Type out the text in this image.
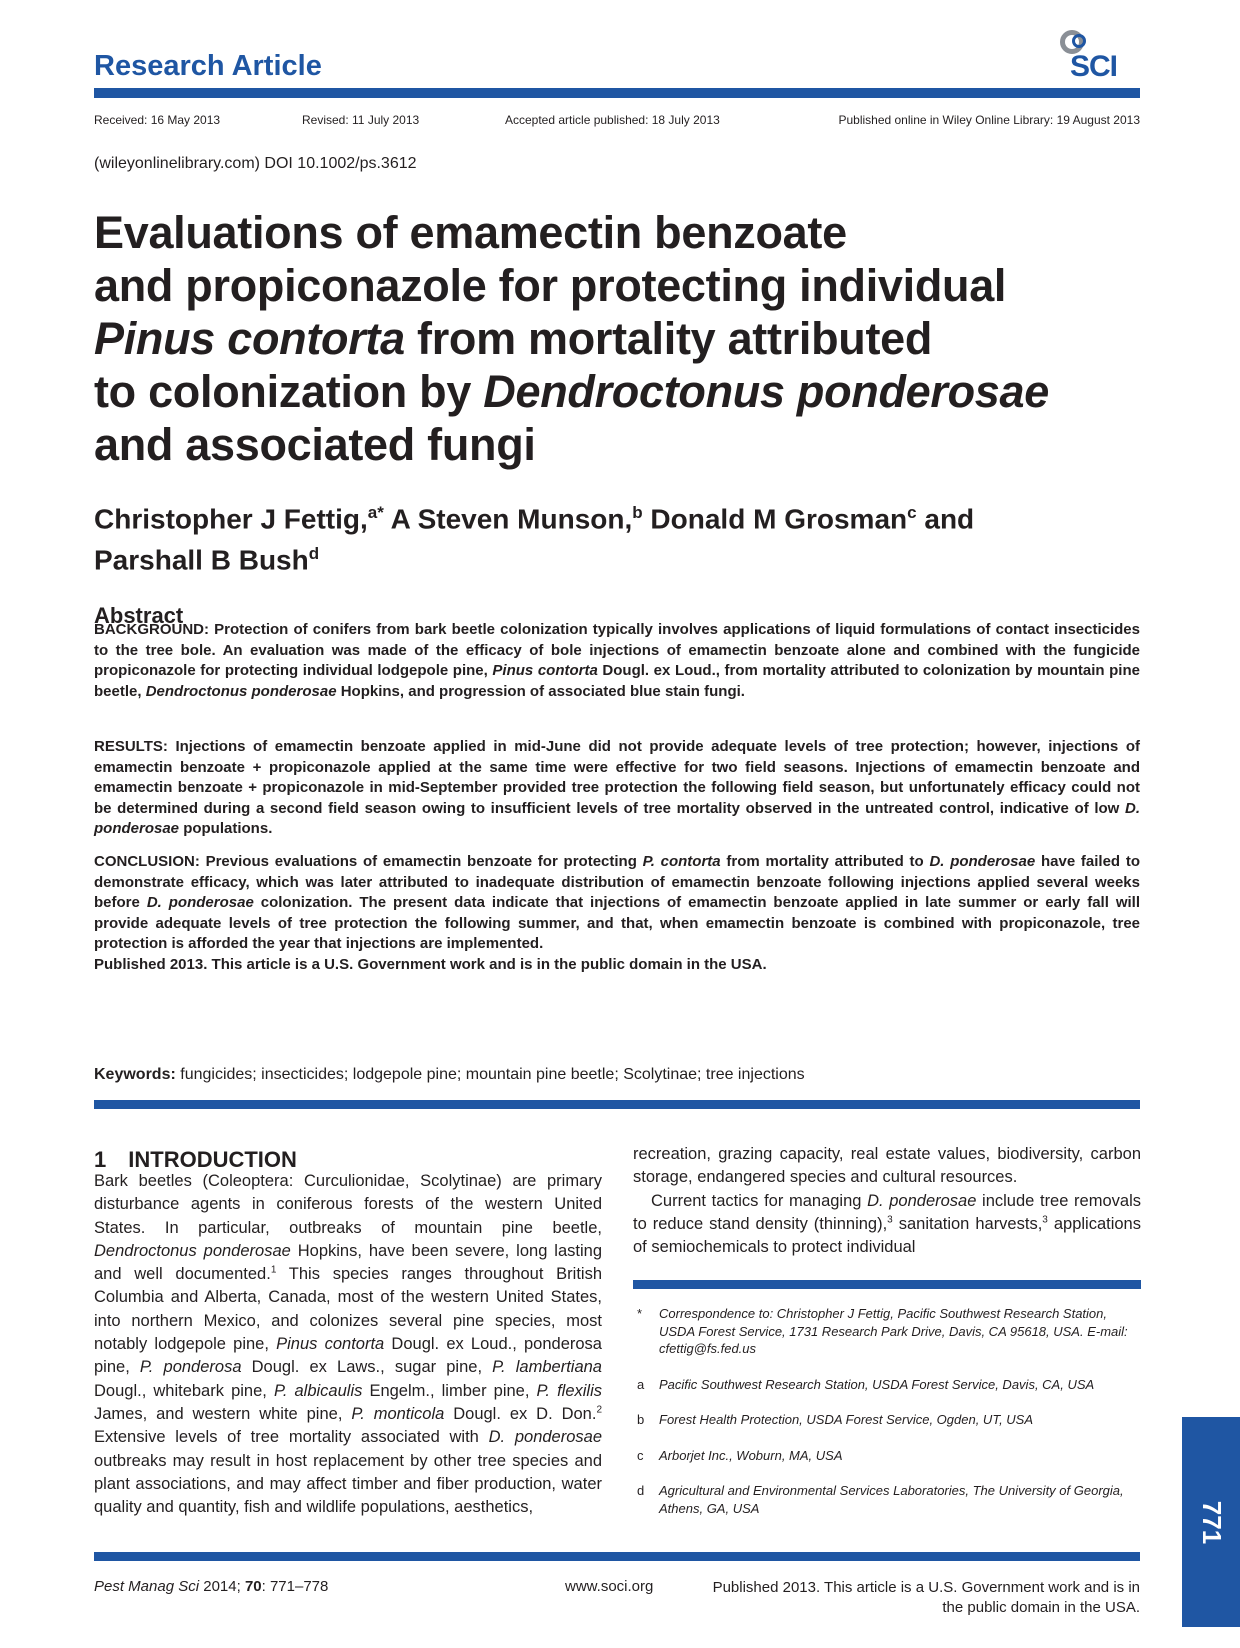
Research Article	SCI
Received: 16 May 2013	Revised: 11 July 2013	Accepted article published: 18 July 2013	Published online in Wiley Online Library: 19 August 2013
(wileyonlinelibrary.com) DOI 10.1002/ps.3612
Evaluations of emamectin benzoate
and propiconazole for protecting individual
Pinus contorta from mortality attributed
to colonization by Dendroctonus ponderosae
and associated fungi
Christopher J Fettig,$^{a*}$ A Steven Munson,$^b$ Donald M Grosman$^c$ and
Parshall B Bush$^d$
Abstract
BACKGROUND: Protection of conifers from bark beetle colonization typically involves applications of liquid formulations of contact insecticides to the tree bole. An evaluation was made of the efficacy of bole injections of emamectin benzoate alone and combined with the fungicide propiconazole for protecting individual lodgepole pine, Pinus contorta Dougl. ex Loud., from mortality attributed to colonization by mountain pine beetle, Dendroctonus ponderosae Hopkins, and progression of associated blue stain fungi.
RESULTS: Injections of emamectin benzoate applied in mid-June did not provide adequate levels of tree protection; however, injections of emamectin benzoate + propiconazole applied at the same time were effective for two field seasons. Injections of emamectin benzoate and emamectin benzoate + propiconazole in mid-September provided tree protection the following field season, but unfortunately efficacy could not be determined during a second field season owing to insufficient levels of tree mortality observed in the untreated control, indicative of low D. ponderosae populations.
CONCLUSION: Previous evaluations of emamectin benzoate for protecting P. contorta from mortality attributed to D. ponderosae have failed to demonstrate efficacy, which was later attributed to inadequate distribution of emamectin benzoate following injections applied several weeks before D. ponderosae colonization. The present data indicate that injections of emamectin benzoate applied in late summer or early fall will provide adequate levels of tree protection the following summer, and that, when emamectin benzoate is combined with propiconazole, tree protection is afforded the year that injections are implemented.
Published 2013. This article is a U.S. Government work and is in the public domain in the USA.
Keywords: fungicides; insecticides; lodgepole pine; mountain pine beetle; Scolytinae; tree injections
1 INTRODUCTION
Bark beetles (Coleoptera: Curculionidae, Scolytinae) are primary disturbance agents in coniferous forests of the western United States. In particular, outbreaks of mountain pine beetle, Dendroctonus ponderosae Hopkins, have been severe, long lasting and well documented.$^1$ This species ranges throughout British Columbia and Alberta, Canada, most of the western United States, into northern Mexico, and colonizes several pine species, most notably lodgepole pine, Pinus contorta Dougl. ex Loud., ponderosa pine, P. ponderosa Dougl. ex Laws., sugar pine, P. lambertiana Dougl., whitebark pine, P. albicaulis Engelm., limber pine, P. flexilis James, and western white pine, P. monticola Dougl. ex D. Don.$^2$ Extensive levels of tree mortality associated with D. ponderosae outbreaks may result in host replacement by other tree species and plant associations, and may affect timber and fiber production, water quality and quantity, fish and wildlife populations, aesthetics,
recreation, grazing capacity, real estate values, biodiversity, carbon storage, endangered species and cultural resources.
Current tactics for managing D. ponderosae include tree removals to reduce stand density (thinning),$^3$ sanitation harvests,$^3$ applications of semiochemicals to protect individual
* Correspondence to: Christopher J Fettig, Pacific Southwest Research Station, USDA Forest Service, 1731 Research Park Drive, Davis, CA 95618, USA. E-mail: cfettig@fs.fed.us
a Pacific Southwest Research Station, USDA Forest Service, Davis, CA, USA
b Forest Health Protection, USDA Forest Service, Ogden, UT, USA
c Arborjet Inc., Woburn, MA, USA
d Agricultural and Environmental Services Laboratories, The University of Georgia, Athens, GA, USA	771
Pest Manag Sci 2014; 70: 771–778	www.soci.org	Published 2013. This article is a U.S. Government work and is in the public domain in the USA.
